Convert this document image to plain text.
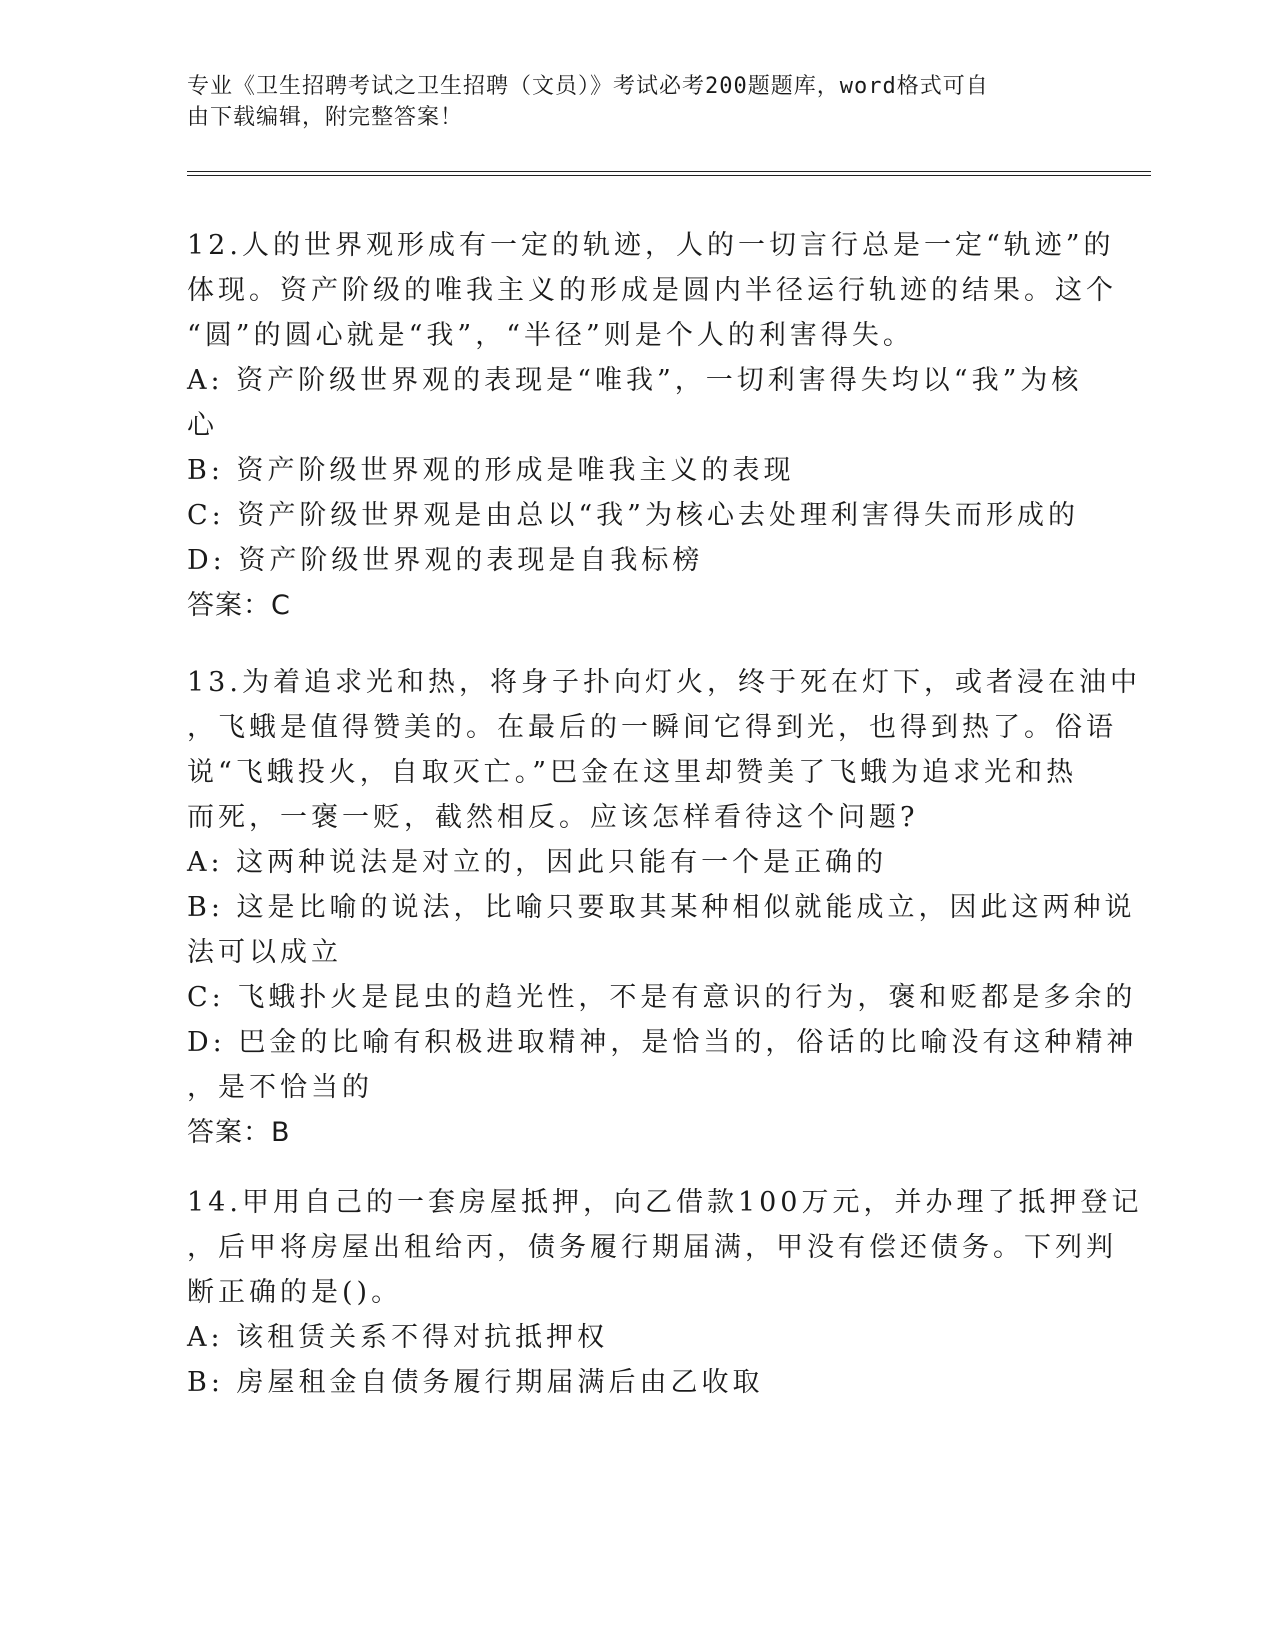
专业《卫生招聘考试之卫生招聘（文员）》考试必考200题题库，word格式可自
由下载编辑，附完整答案！
12.人的世界观形成有一定的轨迹，人的一切言行总是一定“轨迹”的
体现。资产阶级的唯我主义的形成是圆内半径运行轨迹的结果。这个
“圆”的圆心就是“我”，“半径”则是个人的利害得失。
A: 资产阶级世界观的表现是“唯我”，一切利害得失均以“我”为核
心
B: 资产阶级世界观的形成是唯我主义的表现
C: 资产阶级世界观是由总以“我”为核心去处理利害得失而形成的
D: 资产阶级世界观的表现是自我标榜
答案：C
13.为着追求光和热，将身子扑向灯火，终于死在灯下，或者浸在油中
，飞蛾是值得赞美的。在最后的一瞬间它得到光，也得到热了。俗语
说“飞蛾投火，自取灭亡。”巴金在这里却赞美了飞蛾为追求光和热
而死，一褒一贬，截然相反。应该怎样看待这个问题?
A: 这两种说法是对立的，因此只能有一个是正确的
B: 这是比喻的说法，比喻只要取其某种相似就能成立，因此这两种说
法可以成立
C: 飞蛾扑火是昆虫的趋光性，不是有意识的行为，褒和贬都是多余的
D: 巴金的比喻有积极进取精神，是恰当的，俗话的比喻没有这种精神
，是不恰当的
答案：B
14.甲用自己的一套房屋抵押，向乙借款100万元，并办理了抵押登记
，后甲将房屋出租给丙，债务履行期届满，甲没有偿还债务。下列判
断正确的是()。
A: 该租赁关系不得对抗抵押权
B: 房屋租金自债务履行期届满后由乙收取
